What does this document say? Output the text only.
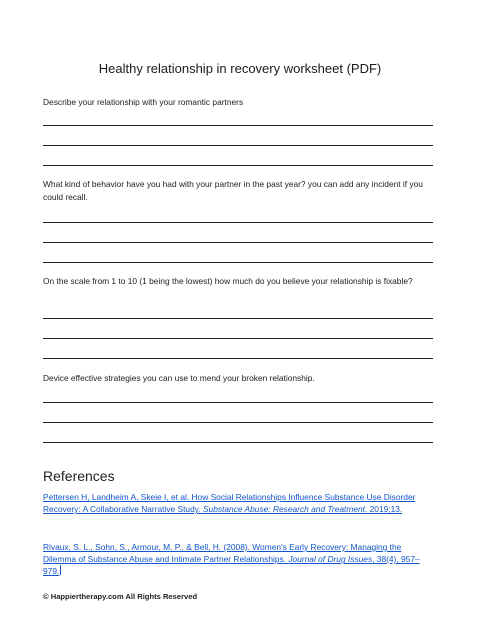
Healthy relationship in recovery worksheet (PDF)
Describe your relationship with your romantic partners
What kind of behavior have you had with your partner in the past year? you can add any incident if you could recall.
On the scale from 1 to 10 (1 being the lowest) how much do you believe your relationship is fixable?
Device effective strategies you can use to mend your broken relationship.
References
Pettersen H, Landheim A, Skeie I, et al. How Social Relationships Influence Substance Use Disorder Recovery: A Collaborative Narrative Study. Substance Abuse: Research and Treatment. 2019;13.
Rivaux, S. L., Sohn, S., Armour, M. P., & Bell, H. (2008). Women's Early Recovery: Managing the Dilemma of Substance Abuse and Intimate Partner Relationships. Journal of Drug Issues, 38(4), 957–979.
© Happiertherapy.com All Rights Reserved
